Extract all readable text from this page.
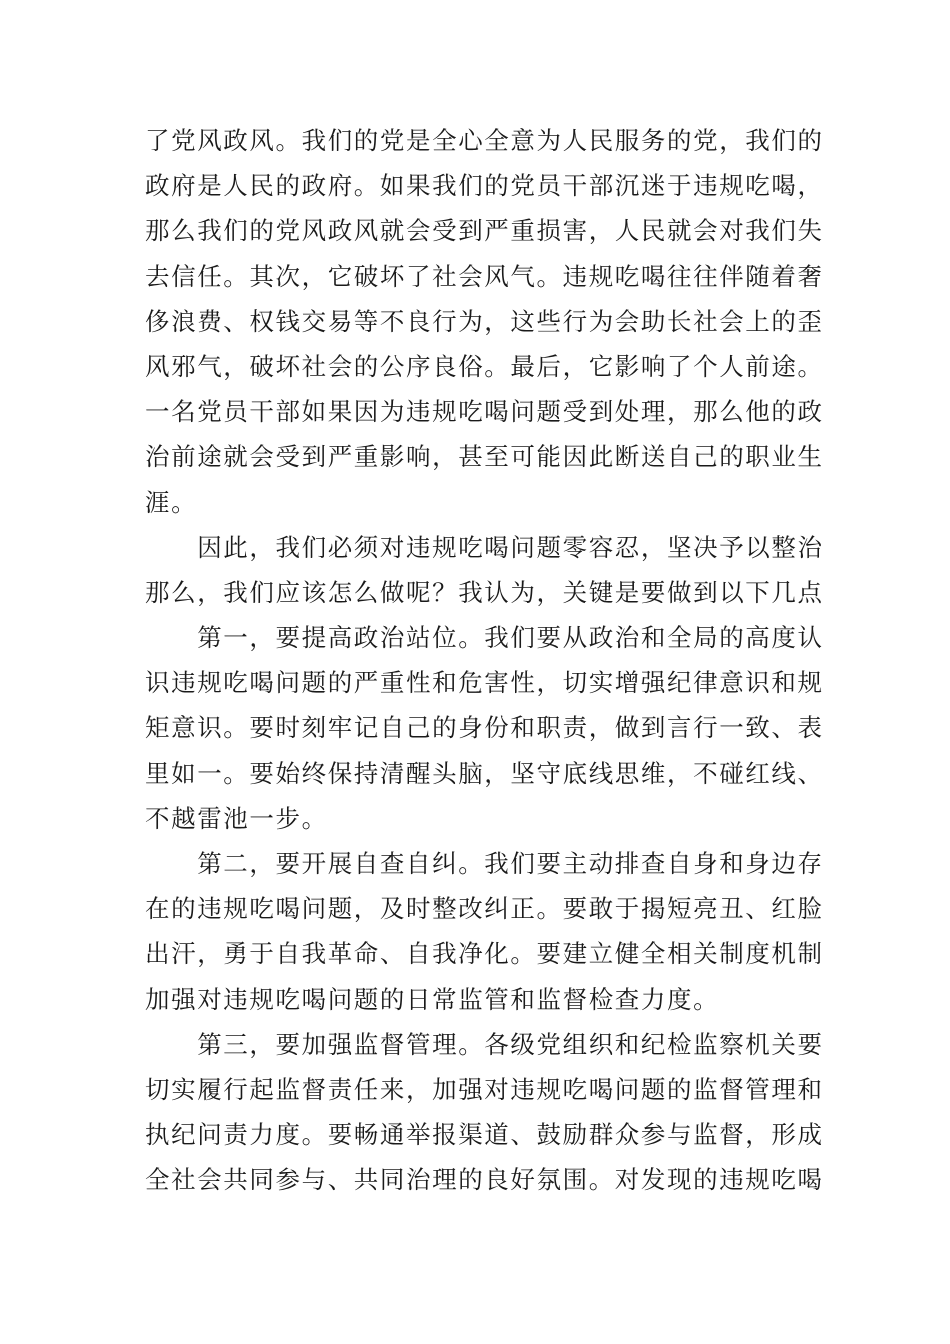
了党风政风。我们的党是全心全意为人民服务的党，我们的
政府是人民的政府。如果我们的党员干部沉迷于违规吃喝，
那么我们的党风政风就会受到严重损害，人民就会对我们失
去信任。其次，它破坏了社会风气。违规吃喝往往伴随着奢
侈浪费、权钱交易等不良行为，这些行为会助长社会上的歪
风邪气，破坏社会的公序良俗。最后，它影响了个人前途。
一名党员干部如果因为违规吃喝问题受到处理，那么他的政
治前途就会受到严重影响，甚至可能因此断送自己的职业生
涯。
　　因此，我们必须对违规吃喝问题零容忍，坚决予以整治
那么，我们应该怎么做呢？我认为，关键是要做到以下几点
　　第一，要提高政治站位。我们要从政治和全局的高度认
识违规吃喝问题的严重性和危害性，切实增强纪律意识和规
矩意识。要时刻牢记自己的身份和职责，做到言行一致、表
里如一。要始终保持清醒头脑，坚守底线思维，不碰红线、
不越雷池一步。
　　第二，要开展自查自纠。我们要主动排查自身和身边存
在的违规吃喝问题，及时整改纠正。要敢于揭短亮丑、红脸
出汗，勇于自我革命、自我净化。要建立健全相关制度机制
加强对违规吃喝问题的日常监管和监督检查力度。
　　第三，要加强监督管理。各级党组织和纪检监察机关要
切实履行起监督责任来，加强对违规吃喝问题的监督管理和
执纪问责力度。要畅通举报渠道、鼓励群众参与监督，形成
全社会共同参与、共同治理的良好氛围。对发现的违规吃喝
